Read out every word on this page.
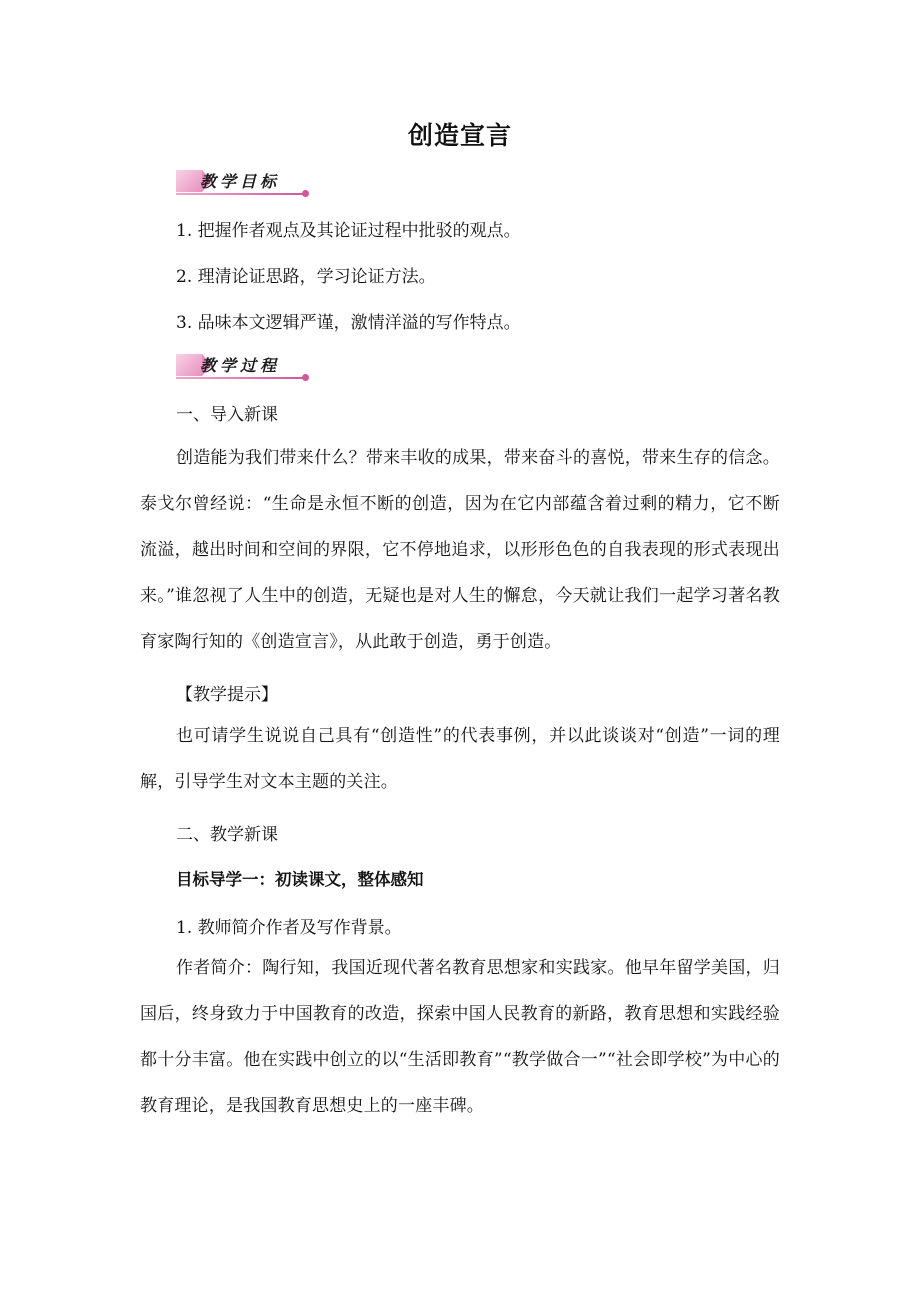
创造宣言
教学目标
1. 把握作者观点及其论证过程中批驳的观点。
2. 理清论证思路，学习论证方法。
3. 品味本文逻辑严谨，激情洋溢的写作特点。
教学过程
一、导入新课
创造能为我们带来什么？带来丰收的成果，带来奋斗的喜悦，带来生存的信念。泰戈尔曾经说：“生命是永恒不断的创造，因为在它内部蕴含着过剩的精力，它不断流溢，越出时间和空间的界限，它不停地追求，以形形色色的自我表现的形式表现出来。”谁忽视了人生中的创造，无疑也是对人生的懈怠，今天就让我们一起学习著名教育家陶行知的《创造宣言》，从此敢于创造，勇于创造。
【教学提示】
也可请学生说说自己具有“创造性”的代表事例，并以此谈谈对“创造”一词的理解，引导学生对文本主题的关注。
二、教学新课
目标导学一：初读课文，整体感知
1. 教师简介作者及写作背景。
作者简介：陶行知，我国近现代著名教育思想家和实践家。他早年留学美国，归国后，终身致力于中国教育的改造，探索中国人民教育的新路，教育思想和实践经验都十分丰富。他在实践中创立的以“生活即教育”“教学做合一”“社会即学校”为中心的教育理论，是我国教育思想史上的一座丰碑。
